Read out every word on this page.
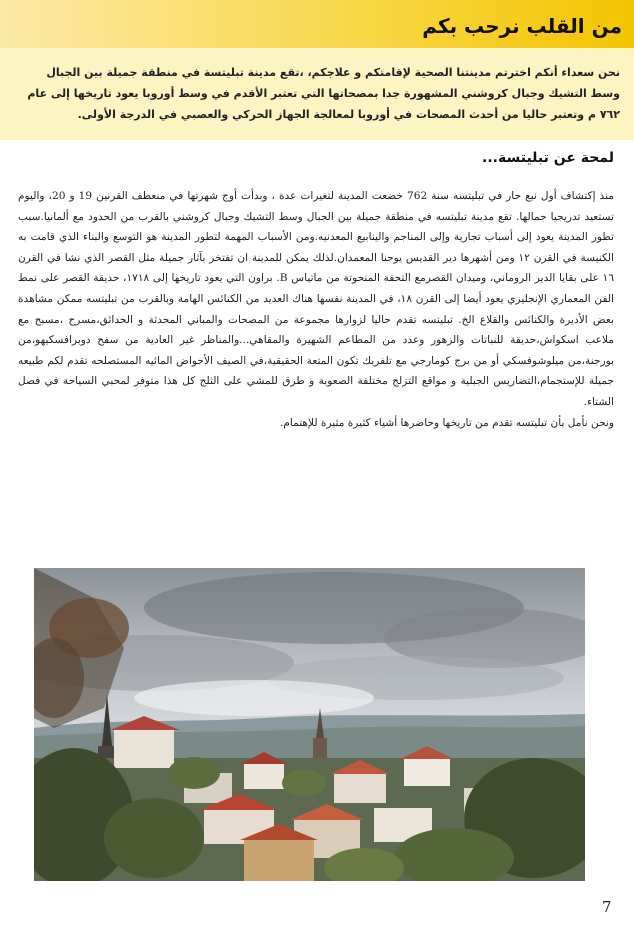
من القلب نرحب بكم
نحن سعداء أنكم اخترتم مدينتنا الصحية لإقامتكم و علاجكم، ،تقع مدينة تبليتسة في منطقة جميلة بين الجبال وسط التشيك وجبال كروشني المشهورة جدا بمصحاتها التي تعتبر الأقدم في وسط أوروبا يعود تاريخها إلى عام ٧٦٢ م وتعتبر حاليا من أحدث المصحات في أوروبا لمعالجة الجهاز الحركي والعصبي في الدرجة الأولى.
لمحة عن تبليتسة...

منذ إكتشاف أول نبع حار في تبليتسه سنة 762 خضعت المدينة لتغيرات عدة ، وبدأت أوج شهرتها في منعطف القرنين 19 و 20، واليوم تستعيد تدريجيا جمالها. تقع مدينة تبليتسه في منطقة جميلة بين الجبال وسط التشيك وجبال كروشني بالقرب من الحدود مع ألمانيا.سبب تطور المدينة يعود إلى أسباب تجارية وإلى المناجم والينابيع المعدنيه.ومن الأسباب المهمة لتطور المدينة هو التوسع والبناء الذي قامت به الكنيسة في القرن ١٢ ومن أشهرها دير القديس يوحنا المعمدان.لذلك يمكن للمدينة ان تفتخر بآثار جميلة مثل القصر الذي نشا في القرن ١٦ على بقايا الدير الروماني، وميدان القصرمع التحفة المنحوتة من ماتياس B. براون التي يعود تاريخها إلى ١٧١٨، حديقة القصر على نمط الفن المعماري الإنجليزي يعود أيضا إلى القرن ١٨، في المدينة نفسها هناك العديد من الكنائس الهامة وبالقرب من تبليتسه ممكن مشاهدة بعض الأديرة والكنائس والقلاع الخ. تبليتسه تقدم حاليا لزوارها مجموعة من المصحات والمباني المحدثة و الحدائق،مسرح ،مسبح مع ملاعب اسكواش،حديقة للنباتات والزهور وعدد من المطاعم الشهيرة والمقاهي...والمناظر غير العادية من سفح دوبرافسكيهو،من بورجنة،من ميلوشوفسكي أو من برج كومارجي مع تلفريك تكون المتعة الحقيقية،في الصيف الأحواض المائيه المستصلحه تقدم لكم طبيعه جميلة للإستجمام،التضاريس الجبلية و مواقع التزلج مختلفة الصعوبة و طرق للمشي على الثلج كل هذا متوفر لمحبي السياحة في فصل الشتاء.

ونحن نأمل بأن تبليتسه تقدم من تاريخها وحاضرها أشياء كثيرة مثيرة للإهتمام.

7
